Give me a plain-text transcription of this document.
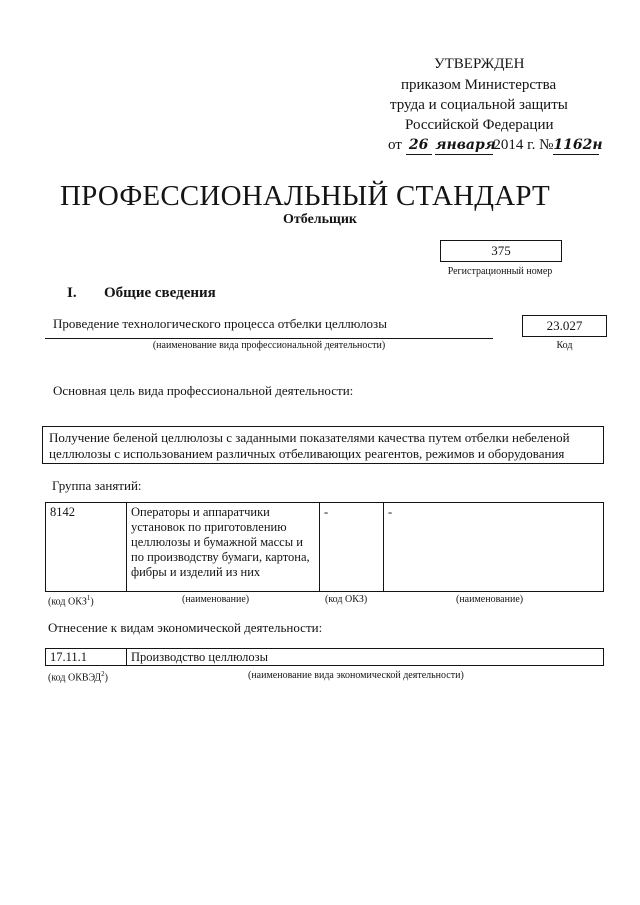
УТВЕРЖДЕН
приказом Министерства
труда и социальной защиты
Российской Федерации
от 26 января2014 г. №1162н
ПРОФЕССИОНАЛЬНЫЙ СТАНДАРТ
Отбельщик
375
Регистрационный номер
I. Общие сведения
Проведение технологического процесса отбелки целлюлозы
(наименование вида профессиональной деятельности)
23.027
Код
Основная цель вида профессиональной деятельности:
Получение беленой целлюлозы с заданными показателями качества путем отбелки небеленой целлюлозы с использованием различных отбеливающих реагентов, режимов и оборудования
Группа занятий:
8142	Операторы и аппаратчики установок по приготовлению целлюлозы и бумажной массы и по производству бумаги, картона, фибры и изделий из них	-	-
(код ОКЗ$^1$)	(наименование)	(код ОКЗ)	(наименование)
Отнесение к видам экономической деятельности:
17.11.1	Производство целлюлозы
(код ОКВЭД$^2$)	(наименование вида экономической деятельности)
